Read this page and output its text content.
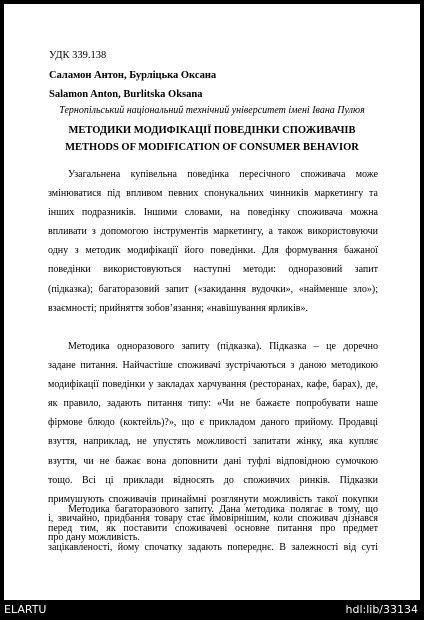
УДК 339.138
Саламон Антон, Бурліцька Оксана
Salamon Anton, Burlitska Oksana
Тернопільський національний технічний університет імені Івана Пулюя
МЕТОДИКИ МОДИФІКАЦІЇ ПОВЕДІНКИ СПОЖИВАЧІВ
METHODS OF MODIFICATION OF CONSUMER BEHAVIOR
Узагальнена купівельна поведінка пересічного споживача може
змінюватися під впливом певних спонукальних чинників маркетингу та
інших подразників. Іншими словами, на поведінку споживача можна
впливати з допомогою інструментів маркетингу, а також використовуючи
одну з методик модифікації його поведінки. Для формування бажаної
поведінки використовуються наступні методи: одноразовий запит
(підказка); багаторазовий запит («закидання вудочки», «найменше зло»);
взаємності; прийняття зобов’язання; «навішування ярликів».
Методика одноразового запиту (підказка). Підказка – це доречно
задане питання. Найчастіше споживачі зустрічаються з даною методикою
модифікації поведінки у закладах харчування (ресторанах, кафе, барах), де,
як правило, задають питання типу: «Чи не бажаєте попробувати наше
фірмове блюдо (коктейль)?», що є прикладом даного прийому. Продавці
взуття, наприклад, не упустять можливості запитати жінку, яка купляє
взуття, чи не бажає вона доповнити дані туфлі відповідною сумочкою
тощо. Всі ці приклади відносять до споживчих ринків. Підказки
примушують споживачів принаймні розглянути можливість такої покупки
і, звичайно, придбання товару стає ймовірнішим, коли споживач дізнався
про дану можливість.
Методика багаторазового запиту. Дана методика полягає в тому, що
перед тим, як поставити споживачеві основне питання про предмет
зацікавленості, йому спочатку задають попереднє. В залежності від суті
ELARTU	hdl:lib/33134
